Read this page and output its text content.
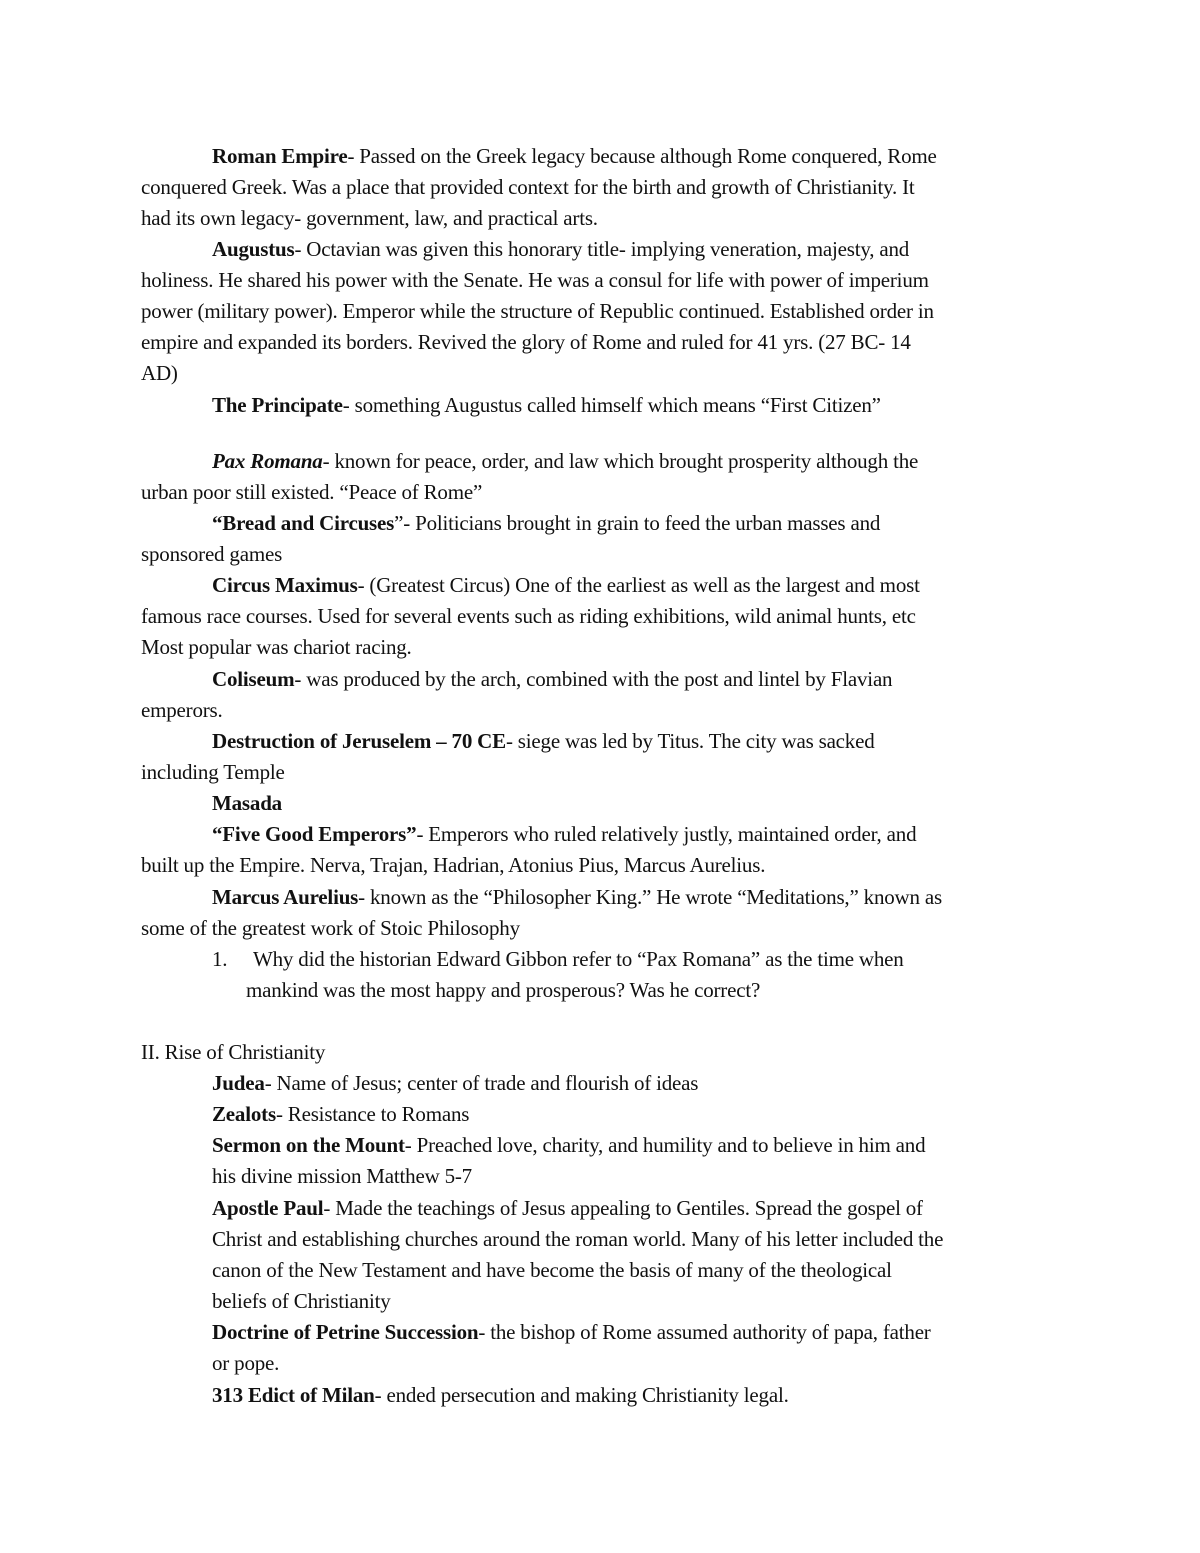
Roman Empire- Passed on the Greek legacy because although Rome conquered, Rome
conquered Greek. Was a place that provided context for the birth and growth of Christianity. It
had its own legacy- government, law, and practical arts.
Augustus- Octavian was given this honorary title- implying veneration, majesty, and
holiness. He shared his power with the Senate. He was a consul for life with power of imperium
power (military power). Emperor while the structure of Republic continued. Established order in
empire and expanded its borders. Revived the glory of Rome and ruled for 41 yrs. (27 BC- 14
AD)
The Principate- something Augustus called himself which means “First Citizen”
Pax Romana- known for peace, order, and law which brought prosperity although the
urban poor still existed. “Peace of Rome”
“Bread and Circuses”- Politicians brought in grain to feed the urban masses and
sponsored games
Circus Maximus- (Greatest Circus) One of the earliest as well as the largest and most
famous race courses. Used for several events such as riding exhibitions, wild animal hunts, etc
Most popular was chariot racing.
Coliseum- was produced by the arch, combined with the post and lintel by Flavian
emperors.
Destruction of Jeruselem – 70 CE- siege was led by Titus. The city was sacked
including Temple
Masada
“Five Good Emperors”- Emperors who ruled relatively justly, maintained order, and
built up the Empire. Nerva, Trajan, Hadrian, Atonius Pius, Marcus Aurelius.
Marcus Aurelius- known as the “Philosopher King.” He wrote “Meditations,” known as
some of the greatest work of Stoic Philosophy
1. Why did the historian Edward Gibbon refer to “Pax Romana” as the time when
mankind was the most happy and prosperous? Was he correct?
II. Rise of Christianity
Judea- Name of Jesus; center of trade and flourish of ideas
Zealots- Resistance to Romans
Sermon on the Mount- Preached love, charity, and humility and to believe in him and
his divine mission Matthew 5-7
Apostle Paul- Made the teachings of Jesus appealing to Gentiles. Spread the gospel of
Christ and establishing churches around the roman world. Many of his letter included the
canon of the New Testament and have become the basis of many of the theological
beliefs of Christianity
Doctrine of Petrine Succession- the bishop of Rome assumed authority of papa, father
or pope.
313 Edict of Milan- ended persecution and making Christianity legal.
